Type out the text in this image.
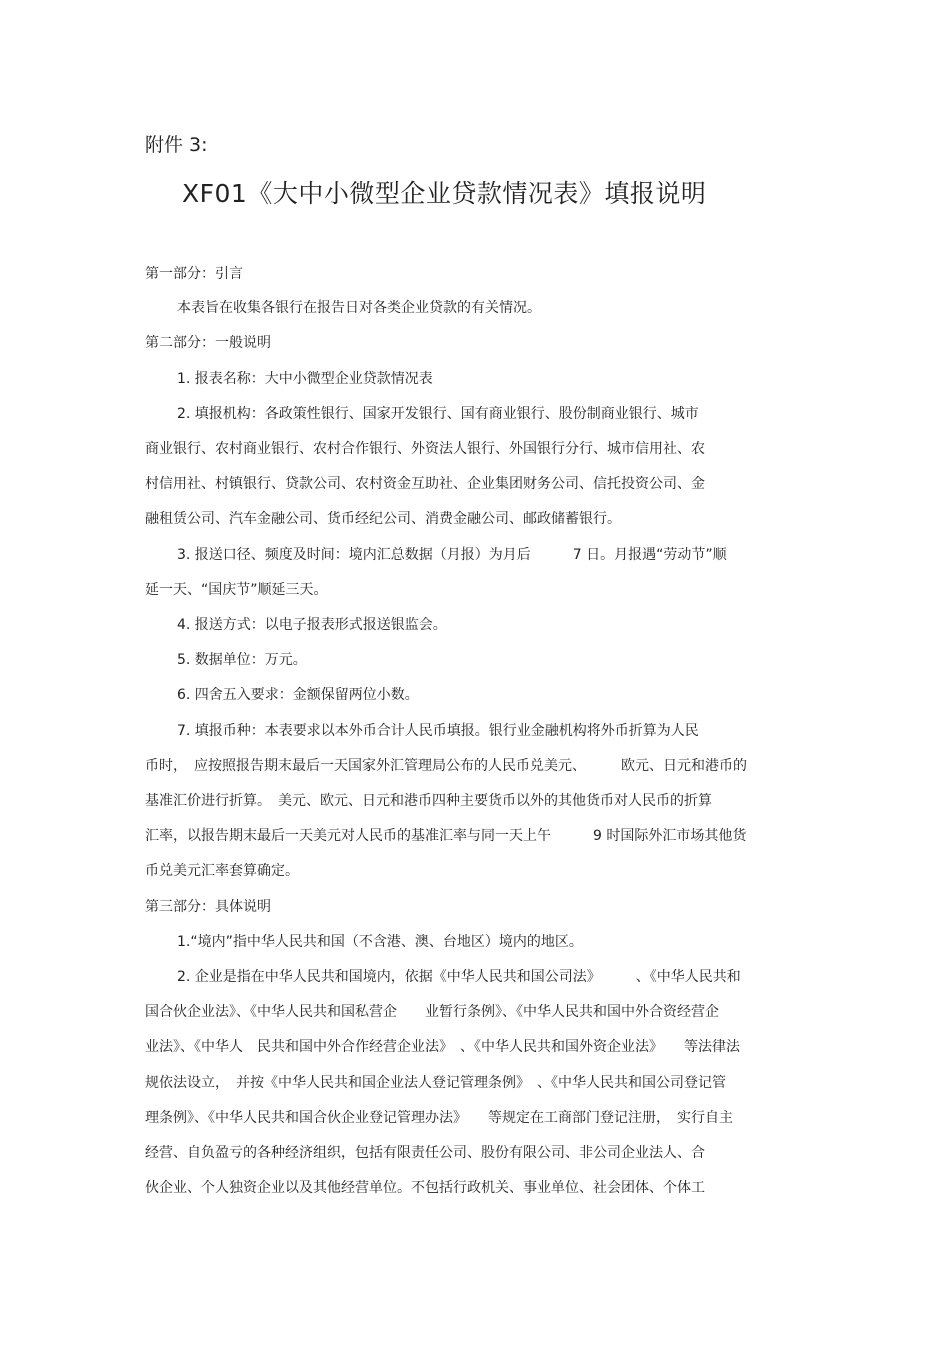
附件 3:
XF01《大中小微型企业贷款情况表》填报说明
第一部分：引言
本表旨在收集各银行在报告日对各类企业贷款的有关情况。
第二部分：一般说明
1. 报表名称：大中小微型企业贷款情况表
2. 填报机构：各政策性银行、国家开发银行、国有商业银行、股份制商业银行、城市
商业银行、农村商业银行、农村合作银行、外资法人银行、外国银行分行、城市信用社、农
村信用社、村镇银行、贷款公司、农村资金互助社、企业集团财务公司、信托投资公司、金
融租赁公司、汽车金融公司、货币经纪公司、消费金融公司、邮政储蓄银行。
3. 报送口径、频度及时间：境内汇总数据（月报）为月后　　　7 日。月报遇“劳动节”顺
延一天、“国庆节”顺延三天。
4. 报送方式：以电子报表形式报送银监会。
5. 数据单位：万元。
6. 四舍五入要求：金额保留两位小数。
7. 填报币种：本表要求以本外币合计人民币填报。银行业金融机构将外币折算为人民
币时，　应按照报告期末最后一天国家外汇管理局公布的人民币兑美元、　　　欧元、日元和港币的
基准汇价进行折算。　美元、欧元、日元和港币四种主要货币以外的其他货币对人民币的折算
汇率，以报告期末最后一天美元对人民币的基准汇率与同一天上午　　　9 时国际外汇市场其他货
币兑美元汇率套算确定。
第三部分：具体说明
1.“境内”指中华人民共和国（不含港、澳、台地区）境内的地区。
2. 企业是指在中华人民共和国境内，依据《中华人民共和国公司法》　　　、《中华人民共和
国合伙企业法》、《中华人民共和国私营企　　业暂行条例》、《中华人民共和国中外合资经营企
业法》、《中华人　民共和国中外合作经营企业法》　、《中华人民共和国外资企业法》　　等法律法
规依法设立，　并按《中华人民共和国企业法人登记管理条例》　、《中华人民共和国公司登记管
理条例》、《中华人民共和国合伙企业登记管理办法》　　等规定在工商部门登记注册，　实行自主
经营、自负盈亏的各种经济组织，包括有限责任公司、股份有限公司、非公司企业法人、合
伙企业、个人独资企业以及其他经营单位。不包括行政机关、事业单位、社会团体、个体工
